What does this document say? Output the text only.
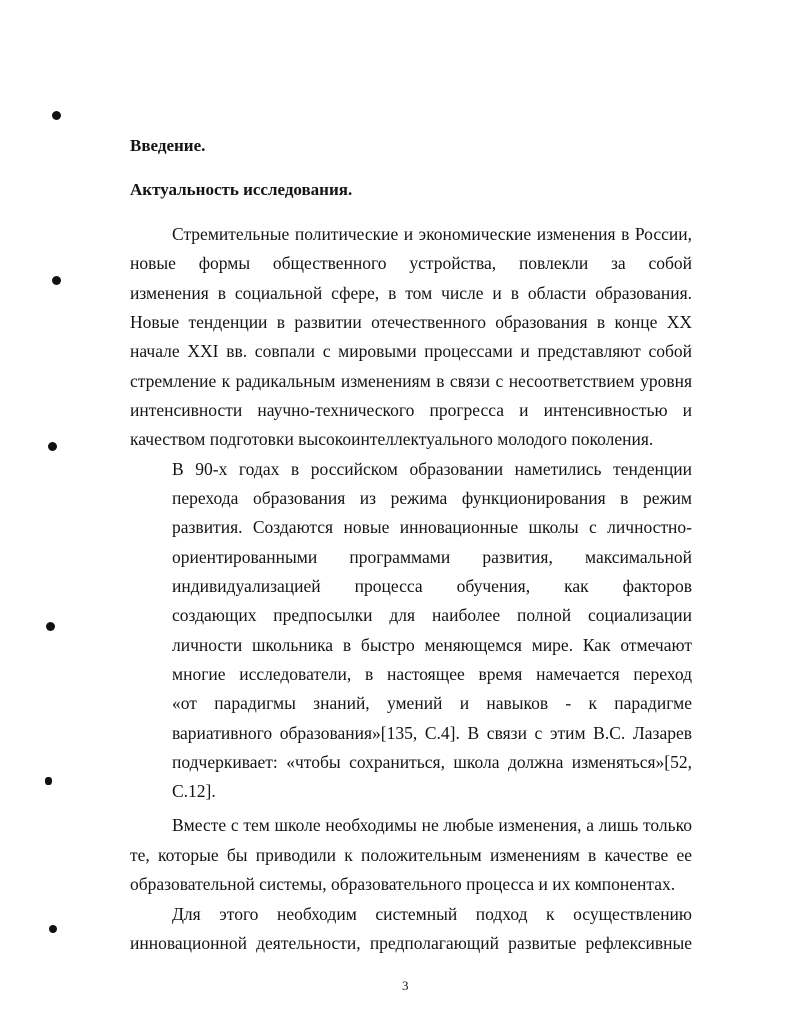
Введение.
Актуальность исследования.
Стремительные политические и экономические изменения в России,
новые формы общественного устройства, повлекли за собой
изменения в социальной сфере, в том числе и в области образования.
Новые тенденции в развитии отечественного образования в конце XX
начале XXI вв. совпали с мировыми процессами и представляют собой
стремление к радикальным изменениям в связи с несоответствием уровня
интенсивности научно-технического прогресса и интенсивностью и
качеством подготовки высокоинтеллектуального молодого поколения.
В 90-х годах в российском образовании наметились тенденции
перехода образования из режима функционирования в режим
развития. Создаются новые инновационные школы с личностно-
ориентированными программами развития, максимальной
индивидуализацией процесса обучения, как факторов
создающих предпосылки для наиболее полной социализации
личности школьника в быстро меняющемся мире. Как отмечают
многие исследователи, в настоящее время намечается переход
«от парадигмы знаний, умений и навыков - к парадигме
вариативного образования»[135, С.4]. В связи с этим В.С. Лазарев
подчеркивает: «чтобы сохраниться, школа должна изменяться»[52,
С.12].
Вместе с тем школе необходимы не любые изменения, а лишь только
те, которые бы приводили к положительным изменениям в качестве ее
образовательной системы, образовательного процесса и их компонентах.
Для этого необходим системный подход к осуществлению
инновационной деятельности, предполагающий развитые рефлексивные
3
